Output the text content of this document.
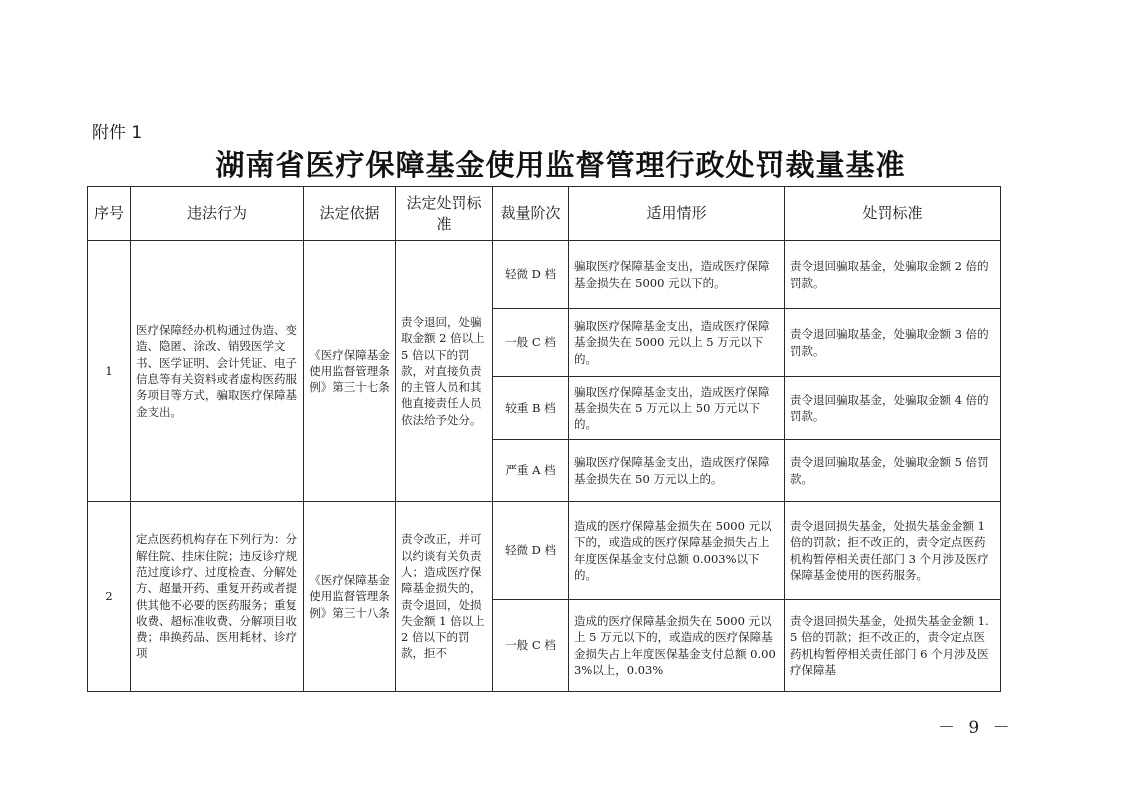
附件 1
湖南省医疗保障基金使用监督管理行政处罚裁量基准
序号	违法行为	法定依据	法定处罚标准	裁量阶次	适用情形	处罚标准
1	医疗保障经办机构通过伪造、变造、隐匿、涂改、销毁医学文书、医学证明、会计凭证、电子信息等有关资料或者虚构医药服务项目等方式，骗取医疗保障基金支出。	《医疗保障基金使用监督管理条例》第三十七条	责令退回，处骗取金额 2 倍以上 5 倍以下的罚款，对直接负责的主管人员和其他直接责任人员依法给予处分。	轻微 D 档	骗取医疗保障基金支出，造成医疗保障基金损失在 5000 元以下的。	责令退回骗取基金，处骗取金额 2 倍的罚款。
				一般 C 档	骗取医疗保障基金支出，造成医疗保障基金损失在 5000 元以上 5 万元以下的。	责令退回骗取基金，处骗取金额 3 倍的罚款。
				较重 B 档	骗取医疗保障基金支出，造成医疗保障基金损失在 5 万元以上 50 万元以下的。	责令退回骗取基金，处骗取金额 4 倍的罚款。
				严重 A 档	骗取医疗保障基金支出，造成医疗保障基金损失在 50 万元以上的。	责令退回骗取基金，处骗取金额 5 倍罚款。
2	定点医药机构存在下列行为：分解住院、挂床住院；违反诊疗规范过度诊疗、过度检查、分解处方、超量开药、重复开药或者提供其他不必要的医药服务；重复收费、超标准收费、分解项目收费；串换药品、医用耗材、诊疗项	《医疗保障基金使用监督管理条例》第三十八条	责令改正，并可以约谈有关负责人；造成医疗保障基金损失的，责令退回，处损失金额 1 倍以上 2 倍以下的罚款，拒不	轻微 D 档	造成的医疗保障基金损失在 5000 元以下的，或造成的医疗保障基金损失占上年度医保基金支付总额 0.003%以下的。	责令退回损失基金，处损失基金金额 1 倍的罚款；拒不改正的，责令定点医药机构暂停相关责任部门 3 个月涉及医疗保障基金使用的医药服务。
				一般 C 档	造成的医疗保障基金损失在 5000 元以上 5 万元以下的，或造成的医疗保障基金损失占上年度医保基金支付总额 0.003%以上，0.03%	责令退回损失基金，处损失基金金额 1.5 倍的罚款；拒不改正的，责令定点医药机构暂停相关责任部门 6 个月涉及医疗保障基
－ 9 －
